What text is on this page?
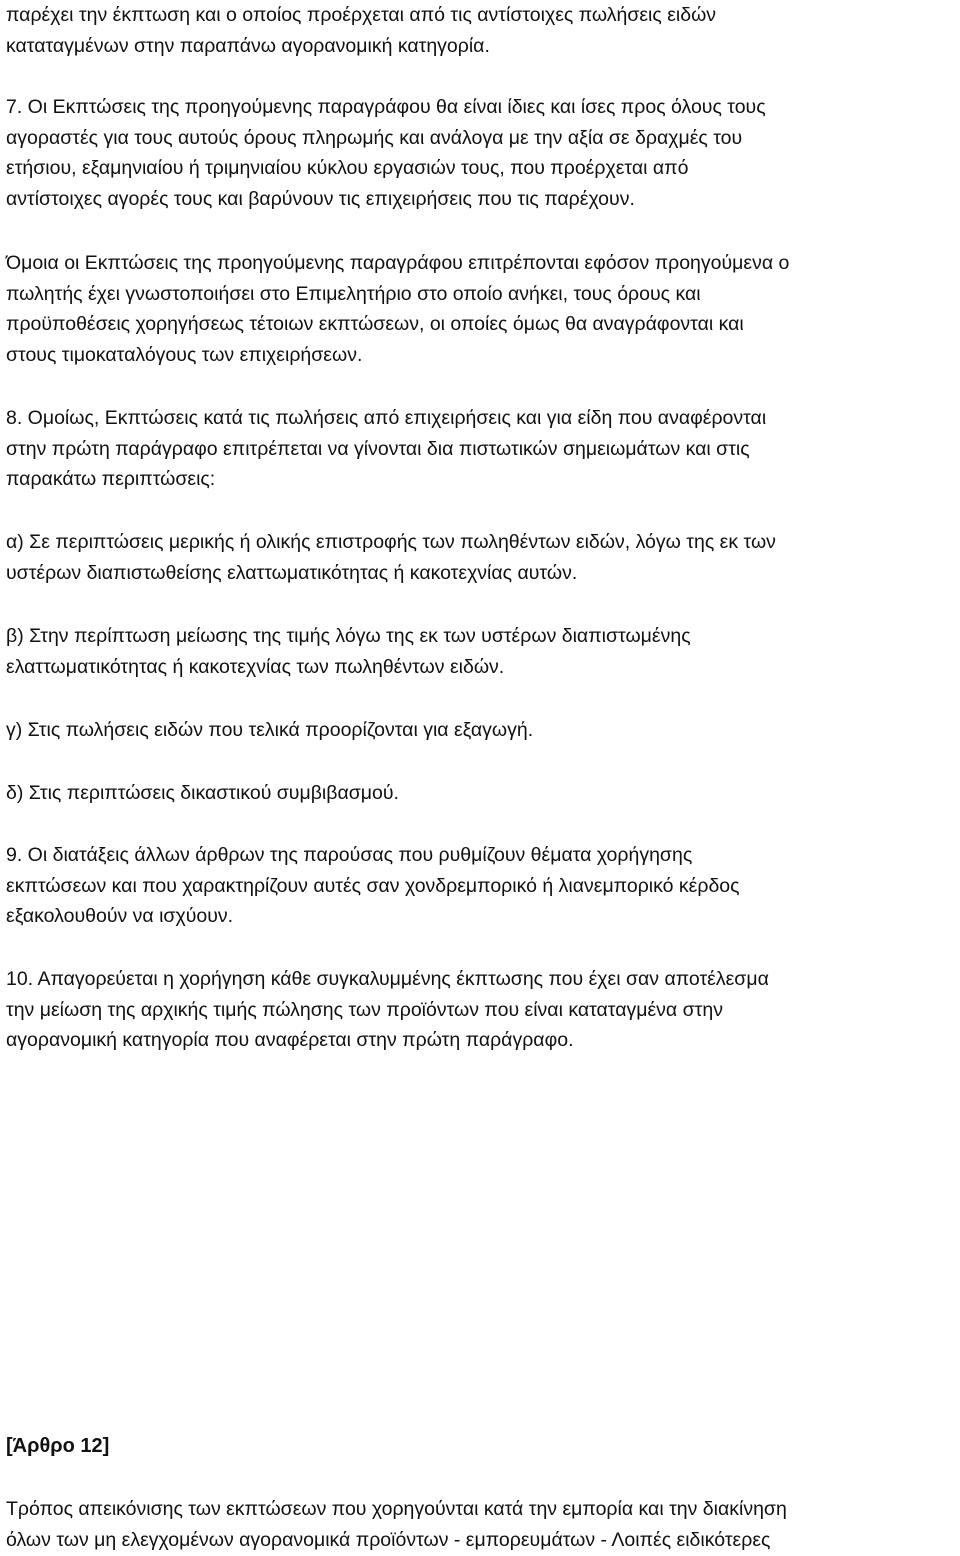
παρέχει την έκπτωση και ο οποίος προέρχεται από τις αντίστοιχες πωλήσεις ειδών
καταταγμένων στην παραπάνω αγορανομική κατηγορία.

7. Οι Εκπτώσεις της προηγούμενης παραγράφου θα είναι ίδιες και ίσες προς όλους τους
αγοραστές για τους αυτούς όρους πληρωμής και ανάλογα με την αξία σε δραχμές του
ετήσιου, εξαμηνιαίου ή τριμηνιαίου κύκλου εργασιών τους, που προέρχεται από
αντίστοιχες αγορές τους και βαρύνουν τις επιχειρήσεις που τις παρέχουν.

Όμοια οι Εκπτώσεις της προηγούμενης παραγράφου επιτρέπονται εφόσον προηγούμενα ο
πωλητής έχει γνωστοποιήσει στο Επιμελητήριο στο οποίο ανήκει, τους όρους και
προϋποθέσεις χορηγήσεως τέτοιων εκπτώσεων, οι οποίες όμως θα αναγράφονται και
στους τιμοκαταλόγους των επιχειρήσεων.

8. Ομοίως, Εκπτώσεις κατά τις πωλήσεις από επιχειρήσεις και για είδη που αναφέρονται
στην πρώτη παράγραφο επιτρέπεται να γίνονται δια πιστωτικών σημειωμάτων και στις
παρακάτω περιπτώσεις:

α) Σε περιπτώσεις μερικής ή ολικής επιστροφής των πωληθέντων ειδών, λόγω της εκ των
υστέρων διαπιστωθείσης ελαττωματικότητας ή κακοτεχνίας αυτών.

β) Στην περίπτωση μείωσης της τιμής λόγω της εκ των υστέρων διαπιστωμένης
ελαττωματικότητας ή κακοτεχνίας των πωληθέντων ειδών.

γ) Στις πωλήσεις ειδών που τελικά προορίζονται για εξαγωγή.

δ) Στις περιπτώσεις δικαστικού συμβιβασμού.

9. Οι διατάξεις άλλων άρθρων της παρούσας που ρυθμίζουν θέματα χορήγησης
εκπτώσεων και που χαρακτηρίζουν αυτές σαν χονδρεμπορικό ή λιανεμπορικό κέρδος
εξακολουθούν να ισχύουν.

10. Απαγορεύεται η χορήγηση κάθε συγκαλυμμένης έκπτωσης που έχει σαν αποτέλεσμα
την μείωση της αρχικής τιμής πώλησης των προϊόντων που είναι καταταγμένα στην
αγορανομική κατηγορία που αναφέρεται στην πρώτη παράγραφο.

[Άρθρο 12]

Τρόπος απεικόνισης των εκπτώσεων που χορηγούνται κατά την εμπορία και την διακίνηση
όλων των μη ελεγχομένων αγορανομικά προϊόντων - εμπορευμάτων - Λοιπές ειδικότερες
